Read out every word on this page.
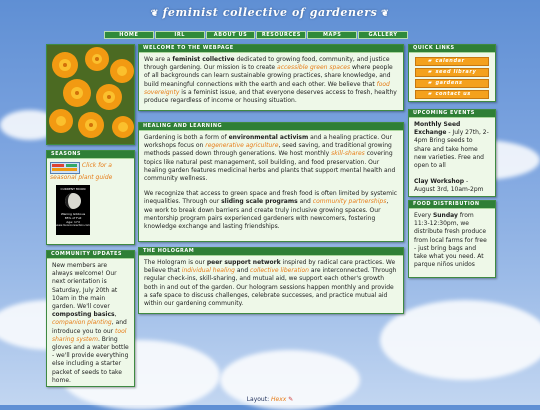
❦ feminist collective of gardeners ❦
HOME	IRL	ABOUT US	RESOURCES	MAPS	GALLERY
WELCOME TO THE WEBPAGE
We are a feminist collective dedicated to growing food, community, and justice through gardening. Our mission is to create accessible green spaces where people of all backgrounds can learn sustainable growing practices, share knowledge, and build meaningful connections with the earth and each other. We believe that food sovereignty is a feminist issue, and that everyone deserves access to fresh, healthy produce regardless of income or housing situation.
QUICK LINKS
▰ calendar
▰ seed library
▰ gardens
▰ contact us
SEASONS
Click for a seasonal plant guide
CURRENT MOON
Waning Gibbous
85% of Full
Age: 17d
www.moonconnection.com
HEALING AND LEARNING

Gardening is both a form of environmental activism and a healing practice. Our workshops focus on regenerative agriculture, seed saving, and traditional growing methods passed down through generations. We host monthly skill-shares covering topics like natural pest management, soil building, and food preservation. Our healing garden features medicinal herbs and plants that support mental health and community wellness.

We recognize that access to green space and fresh food is often limited by systemic inequalities. Through our sliding scale programs and community partnerships, we work to break down barriers and create truly inclusive growing spaces. Our mentorship program pairs experienced gardeners with newcomers, fostering knowledge exchange and lasting friendships.

UPCOMING EVENTS

Monthly Seed Exchange - July 27th, 2-4pm Bring seeds to share and take home new varieties. Free and open to all

Clay Workshop - August 3rd, 10am-2pm

FOOD DISTRIBUTION
Every Sunday from 11:3-12:30pm, we distribute fresh produce from local farms for free - just bring bags and take what you need. At parque niños unidos
COMMUNITY UPDATES
New members are always welcome! Our next orientation is Saturday, July 20th at 10am in the main garden. We'll cover composting basics, companion planting, and introduce you to our tool sharing system. Bring gloves and a water bottle - we'll provide everything else including a starter packet of seeds to take home.
THE HOLOGRAM
The Hologram is our peer support network inspired by radical care practices. We believe that individual healing and collective liberation are interconnected. Through regular check-ins, skill-sharing, and mutual aid, we support each other's growth both in and out of the garden. Our hologram sessions happen monthly and provide a safe space to discuss challenges, celebrate successes, and practice mutual aid within our gardening community.
Layout: Hexx ✎
